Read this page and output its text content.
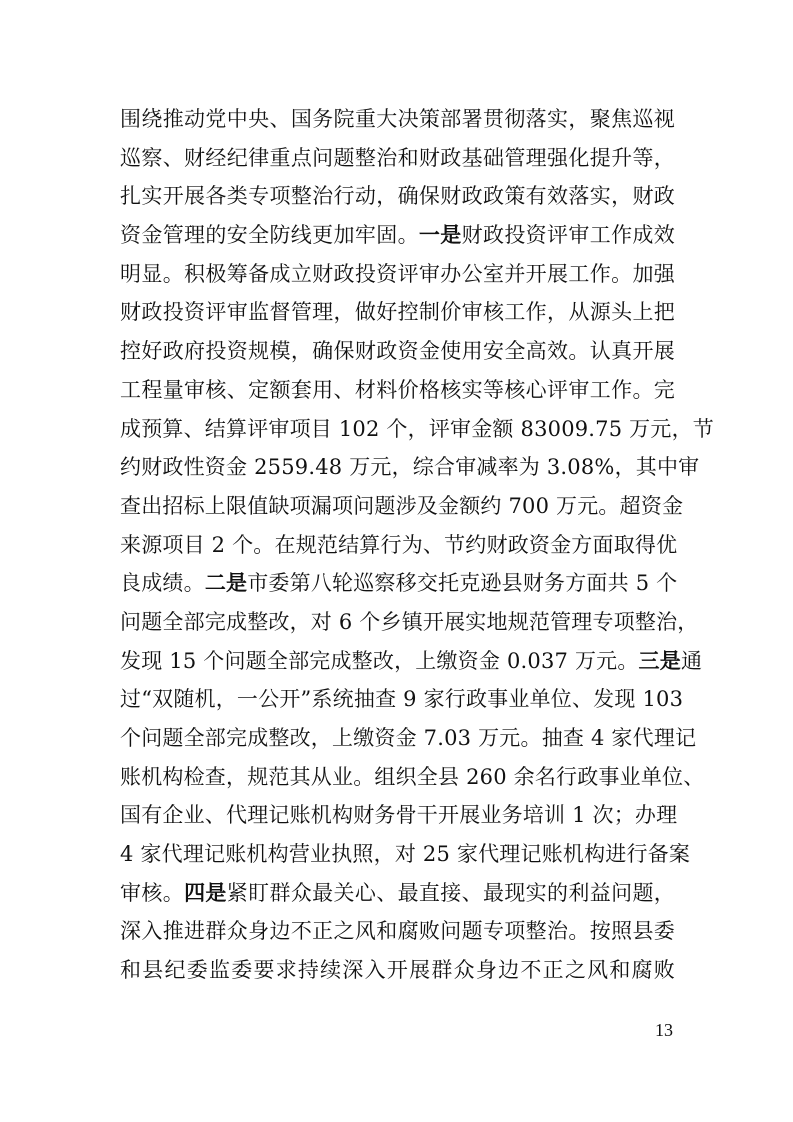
围绕推动党中央、国务院重大决策部署贯彻落实，聚焦巡视
巡察、财经纪律重点问题整治和财政基础管理强化提升等，
扎实开展各类专项整治行动，确保财政政策有效落实，财政
资金管理的安全防线更加牢固。一是财政投资评审工作成效
明显。积极筹备成立财政投资评审办公室并开展工作。加强
财政投资评审监督管理，做好控制价审核工作，从源头上把
控好政府投资规模，确保财政资金使用安全高效。认真开展
工程量审核、定额套用、材料价格核实等核心评审工作。完
成预算、结算评审项目 102 个，评审金额 83009.75 万元，节
约财政性资金 2559.48 万元，综合审减率为 3.08%，其中审
查出招标上限值缺项漏项问题涉及金额约 700 万元。超资金
来源项目 2 个。在规范结算行为、节约财政资金方面取得优
良成绩。二是市委第八轮巡察移交托克逊县财务方面共 5 个
问题全部完成整改，对 6 个乡镇开展实地规范管理专项整治，
发现 15 个问题全部完成整改，上缴资金 0.037 万元。三是通
过“双随机，一公开”系统抽查 9 家行政事业单位、发现 103
个问题全部完成整改，上缴资金 7.03 万元。抽查 4 家代理记
账机构检查，规范其从业。组织全县 260 余名行政事业单位、
国有企业、代理记账机构财务骨干开展业务培训 1 次；办理
4 家代理记账机构营业执照，对 25 家代理记账机构进行备案
审核。四是紧盯群众最关心、最直接、最现实的利益问题，
深入推进群众身边不正之风和腐败问题专项整治。按照县委
和县纪委监委要求持续深入开展群众身边不正之风和腐败
13
